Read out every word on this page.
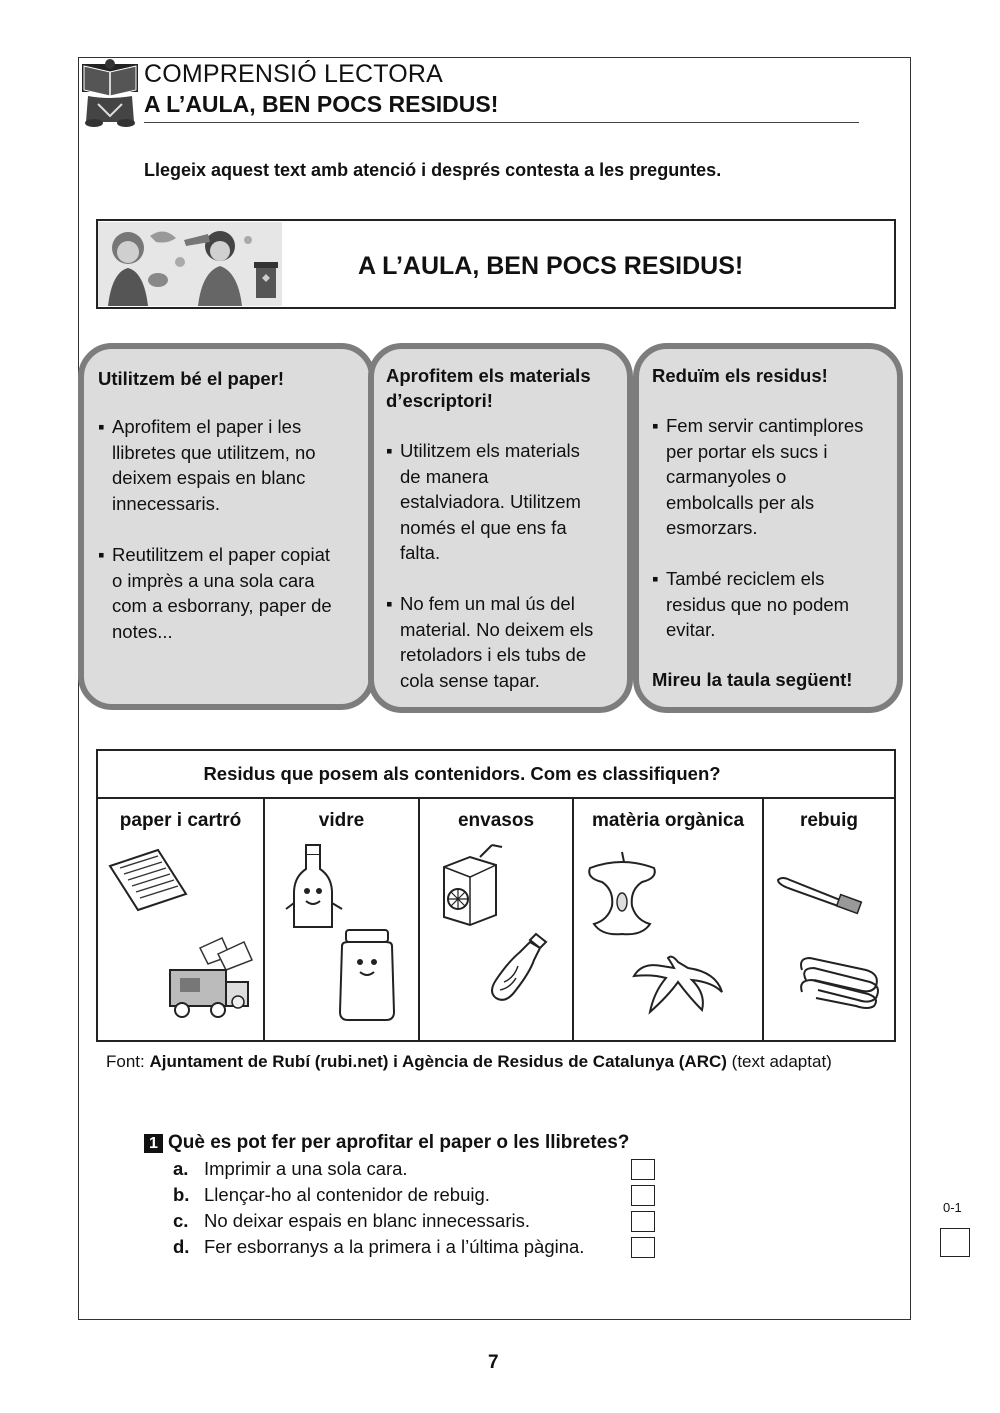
COMPRENSIÓ LECTORA
A L’AULA, BEN POCS RESIDUS!
Llegeix aquest text amb atenció i després contesta a les preguntes.
A L’AULA, BEN POCS RESIDUS!
Utilitzem bé el paper!
▪ Aprofitem el paper i les
llibretes que utilitzem, no
deixem espais en blanc
innecessaris.
▪ Reutilitzem el paper copiat
o imprès a una sola cara
com a esborrany, paper de
notes...
Aprofitem els materials
d’escriptori!
▪ Utilitzem els materials
de manera
estalviadora. Utilitzem
només el que ens fa
falta.
▪ No fem un mal ús del
material. No deixem els
retoladors i els tubs de
cola sense tapar.
Reduïm els residus!
▪ Fem servir cantimplores
per portar els sucs i
carmanyoles o
embolcalls per als
esmorzars.
▪ També reciclem els
residus que no podem
evitar.
Mireu la taula següent!
Residus que posem als contenidors. Com es classifiquen?
paper i cartró	vidre	envasos	matèria orgànica	rebuig
Font: Ajuntament de Rubí (rubi.net) i Agència de Residus de Catalunya (ARC) (text adaptat)
1 Què es pot fer per aprofitar el paper o les llibretes?
a. Imprimir a una sola cara.
b. Llençar-ho al contenidor de rebuig.
c. No deixar espais en blanc innecessaris.
d. Fer esborranys a la primera i a l’última pàgina.
0-1
7
